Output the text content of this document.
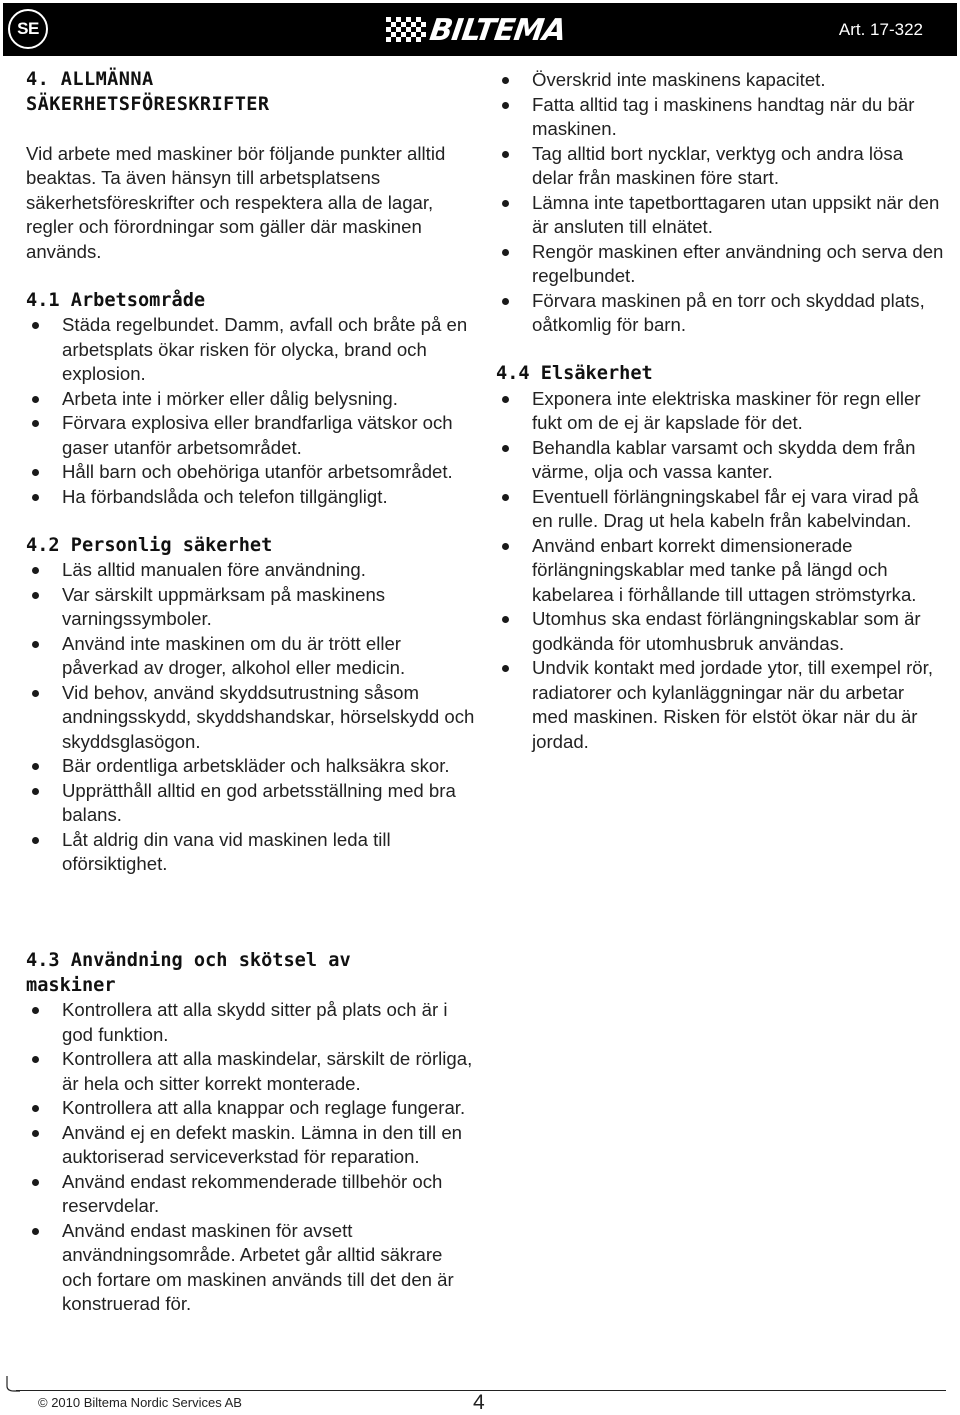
SE	BILTEMA	Art. 17-322
4. ALLMÄNNA
SÄKERHETSFÖRESKRIFTER

Vid arbete med maskiner bör följande punkter alltid beaktas. Ta även hänsyn till arbetsplatsens säkerhetsföreskrifter och respektera alla de lagar, regler och förordningar som gäller där maskinen används.

4.1 Arbetsområde
Städa regelbundet. Damm, avfall och bråte på en arbetsplats ökar risken för olycka, brand och explosion.
Arbeta inte i mörker eller dålig belysning.
Förvara explosiva eller brandfarliga vätskor och gaser utanför arbetsområdet.
Håll barn och obehöriga utanför arbetsområdet.
Ha förbandslåda och telefon tillgängligt.
4.2 Personlig säkerhet
Läs alltid manualen före användning.
Var särskilt uppmärksam på maskinens varningssymboler.
Använd inte maskinen om du är trött eller påverkad av droger, alkohol eller medicin.
Vid behov, använd skyddsutrustning såsom andningsskydd, skyddshandskar, hörselskydd och skyddsglasögon.
Bär ordentliga arbetskläder och halksäkra skor.
Upprätthåll alltid en god arbetsställning med bra balans.
Låt aldrig din vana vid maskinen leda till oförsiktighet.
4.3 Användning och skötsel av
maskiner
Kontrollera att alla skydd sitter på plats och är i god funktion.
Kontrollera att alla maskindelar, särskilt de rörliga, är hela och sitter korrekt monterade.
Kontrollera att alla knappar och reglage fungerar.
Använd ej en defekt maskin. Lämna in den till en auktoriserad serviceverkstad för reparation.
Använd endast rekommenderade tillbehör och reservdelar.
Använd endast maskinen för avsett användningsområde. Arbetet går alltid säkrare och fortare om maskinen används till det den är konstruerad för.
Överskrid inte maskinens kapacitet.
Fatta alltid tag i maskinens handtag när du bär maskinen.
Tag alltid bort nycklar, verktyg och andra lösa delar från maskinen före start.
Lämna inte tapetborttagaren utan uppsikt när den är ansluten till elnätet.
Rengör maskinen efter användning och serva den regelbundet.
Förvara maskinen på en torr och skyddad plats, oåtkomlig för barn.
4.4 Elsäkerhet
Exponera inte elektriska maskiner för regn eller fukt om de ej är kapslade för det.
Behandla kablar varsamt och skydda dem från värme, olja och vassa kanter.
Eventuell förlängningskabel får ej vara virad på en rulle. Drag ut hela kabeln från kabelvindan.
Använd enbart korrekt dimensionerade förlängningskablar med tanke på längd och kabelarea i förhållande till uttagen strömstyrka.
Utomhus ska endast förlängningskablar som är godkända för utomhusbruk användas.
Undvik kontakt med jordade ytor, till exempel rör, radiatorer och kylanläggningar när du arbetar med maskinen. Risken för elstöt ökar när du är jordad.
© 2010 Biltema Nordic Services AB	4
